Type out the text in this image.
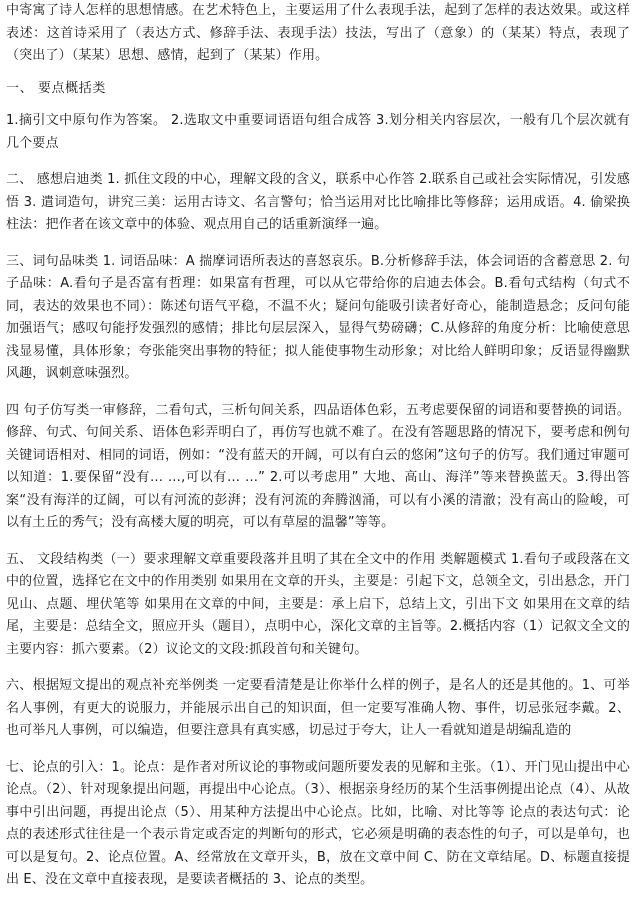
中寄寓了诗人怎样的思想情感。在艺术特色上，主要运用了什么表现手法，起到了怎样的表达效果。或这样表述：这首诗采用了（表达方式、修辞手法、表现手法）技法，写出了（意象）的（某某）特点，表现了（突出了）（某某）思想、感情，起到了（某某）作用。

一、 要点概括类

1.摘引文中原句作为答案。 2.选取文中重要词语语句组合成答 3.划分相关内容层次，一般有几个层次就有几个要点

二、 感想启迪类 1. 抓住文段的中心，理解文段的含义，联系中心作答 2.联系自己或社会实际情况，引发感悟 3. 遣词造句，讲究三美：运用古诗文、名言警句；恰当运用对比比喻排比等修辞；运用成语。4. 偷梁换柱法：把作者在该文章中的体验、观点用自己的话重新演绎一遍。

三、词句品味类 1. 词语品味：A 揣摩词语所表达的喜怒哀乐。B.分析修辞手法，体会词语的含蓄意思 2. 句子品味：A.看句子是否富有哲理：如果富有哲理，可以从它带给你的启迪去体会。B.看句式结构（句式不同，表达的效果也不同）：陈述句语气平稳，不温不火；疑问句能吸引读者好奇心，能制造悬念；反问句能加强语气；感叹句能抒发强烈的感情；排比句层层深入，显得气势磅礴；C.从修辞的角度分析：比喻使意思浅显易懂，具体形象；夸张能突出事物的特征；拟人能使事物生动形象；对比给人鲜明印象；反语显得幽默风趣，讽刺意味强烈。

四 句子仿写类一审修辞，二看句式，三析句间关系，四品语体色彩，五考虑要保留的词语和要替换的词语。修辞、句式、句间关系、语体色彩弄明白了，再仿写也就不难了。在没有答题思路的情况下，要考虑和例句关键词语相对、相同的词语，例如：“没有蓝天的开阔，可以有白云的悠闲”这句子的仿写。我们通过审题可以知道：1.要保留“没有… …,可以有… …” 2.可以考虑用” 大地、高山、海洋”等来替换蓝天。3.得出答案“没有海洋的辽阔，可以有河流的彭湃；没有河流的奔腾汹涌，可以有小溪的清澈；没有高山的险峻，可以有土丘的秀气；没有高楼大厦的明亮，可以有草屋的温馨”等等。

五、 文段结构类（一）要求理解文章重要段落并且明了其在全文中的作用 类解题模式 1.看句子或段落在文中的位置，选择它在文中的作用类别 如果用在文章的开头，主要是：引起下文，总领全文，引出悬念，开门见山、点题、埋伏笔等 如果用在文章的中间，主要是：承上启下，总结上文，引出下文 如果用在文章的结尾，主要是：总结全文，照应开头（题目），点明中心，深化文章的主旨等。2.概括内容（1）记叙文全文的主要内容：抓六要素。（2）议论文的文段:抓段首句和关键句。

六、根据短文提出的观点补充举例类 一定要看清楚是让你举什么样的例子，是名人的还是其他的。1、可举名人事例，有更大的说服力，并能展示出自己的知识面，但一定要写准确人物、事件，切忌张冠李戴。2、也可举凡人事例，可以编造，但要注意具有真实感，切忌过于夸大，让人一看就知道是胡编乱造的

七、论点的引入：1。论点：是作者对所议论的事物或问题所要发表的见解和主张。（1）、开门见山提出中心论点。（2）、针对现象提出问题，再提出中心论点。（3）、根据亲身经历的某个生活事例提出论点（4）、从故事中引出问题，再提出论点（5）、用某种方法提出中心论点。比如，比喻、对比等等 论点的表达句式：论点的表述形式往往是一个表示肯定或否定的判断句的形式，它必须是明确的表态性的句子，可以是单句，也可以是复句。2、论点位置。A、经常放在文章开头，B，放在文章中间 C、防在文章结尾。D、标题直接提出 E、没在文章中直接表现，是要读者概括的 3、论点的类型。
